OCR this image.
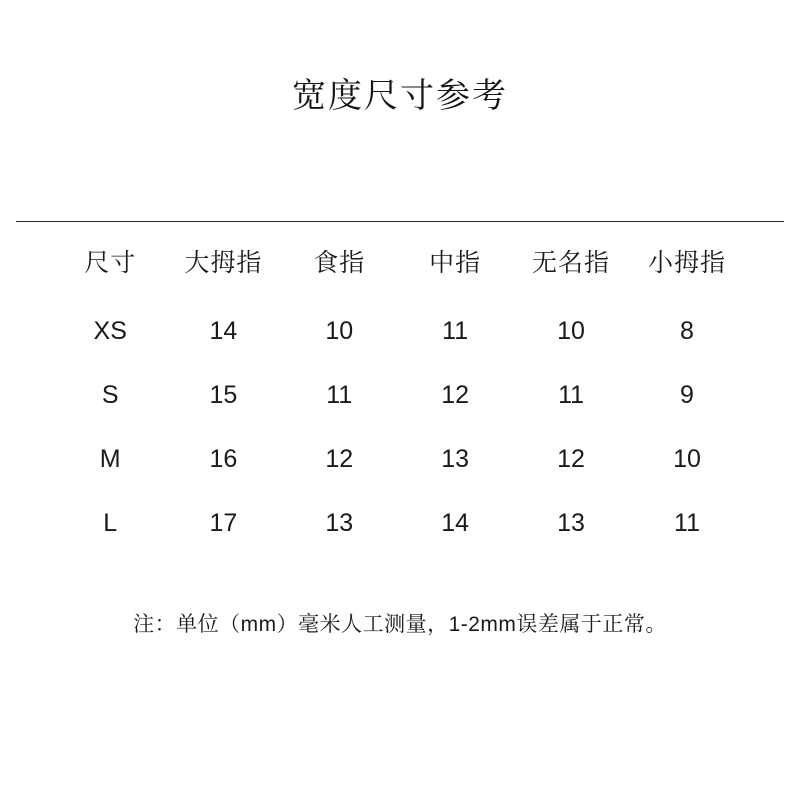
宽度尺寸参考
尺寸	大拇指	食指	中指	无名指	小拇指
XS	14	10	11	10	8
S	15	11	12	11	9
M	16	12	13	12	10
L	17	13	14	13	11

注：单位（mm）毫米人工测量，1-2mm误差属于正常。
